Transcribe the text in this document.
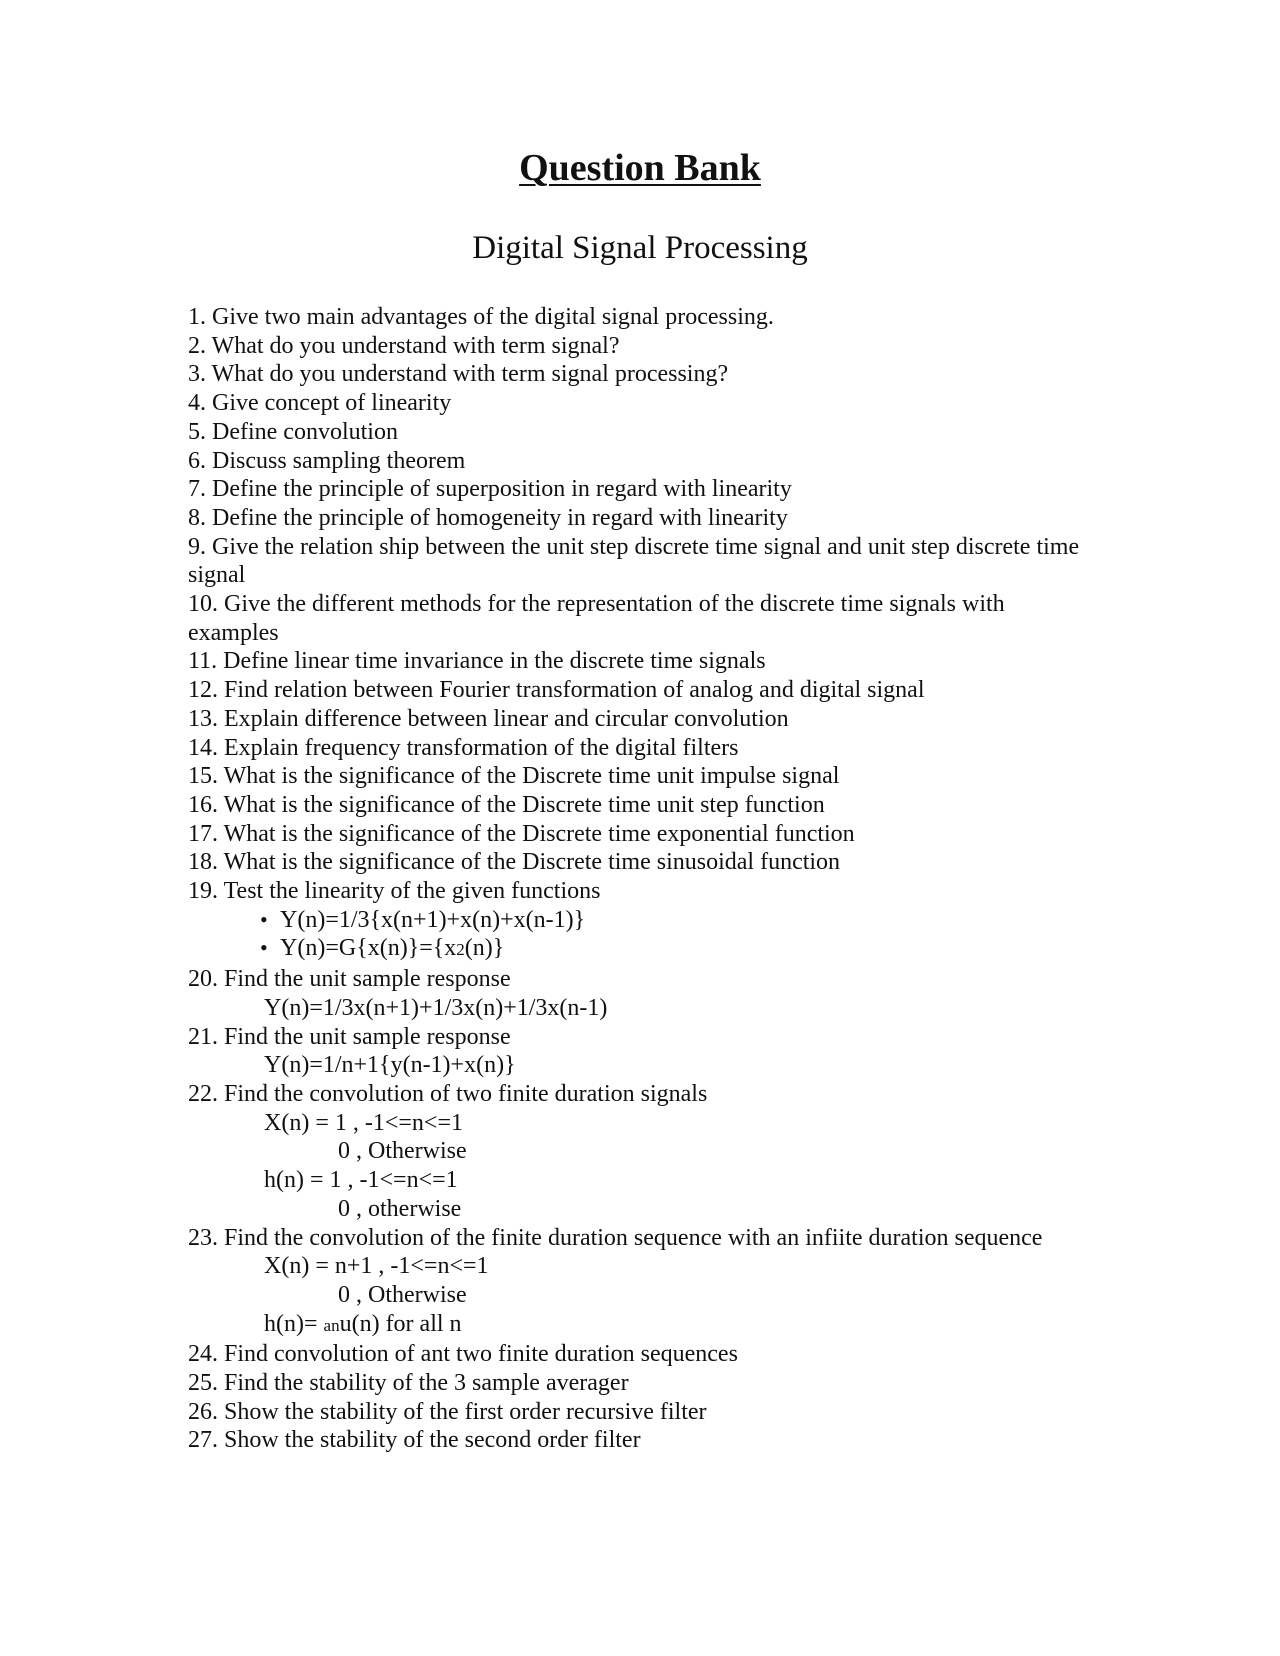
Question Bank
Digital Signal Processing

1. Give two main advantages of the digital signal processing.

2. What do you understand with term signal?

3. What do you understand with term signal processing?

4. Give concept of linearity

5. Define convolution

6. Discuss sampling theorem

7. Define the principle of superposition in regard with linearity

8. Define the principle of homogeneity in regard with linearity

9. Give the relation ship between the unit step discrete time signal and unit step discrete time signal

10. Give the different methods for the representation of the discrete time signals with examples

11. Define linear time invariance in the discrete time signals

12. Find relation between Fourier transformation of analog and digital signal

13. Explain difference between linear and circular convolution

14. Explain frequency transformation of the digital filters

15. What is the significance of the Discrete time unit impulse signal

16. What is the significance of the Discrete time unit step function

17. What is the significance of the Discrete time exponential function

18. What is the significance of the Discrete time sinusoidal function

19. Test the linearity of the given functions

• Y(n)=1/3{x(n+1)+x(n)+x(n-1)}
• Y(n)=G{x(n)}={x2(n)}

20. Find the unit sample response

Y(n)=1/3x(n+1)+1/3x(n)+1/3x(n-1)

21. Find the unit sample response

Y(n)=1/n+1{y(n-1)+x(n)}

22. Find the convolution of two finite duration signals

X(n) = 1 , -1<=n<=1

0 , Otherwise

h(n) = 1 , -1<=n<=1

0 , otherwise

23. Find the convolution of the finite duration sequence with an infiite duration sequence

X(n) = n+1 , -1<=n<=1

0 , Otherwise

h(n)= anu(n) for all n

24. Find convolution of ant two finite duration sequences

25. Find the stability of the 3 sample averager

26. Show the stability of the first order recursive filter

27. Show the stability of the second order filter
